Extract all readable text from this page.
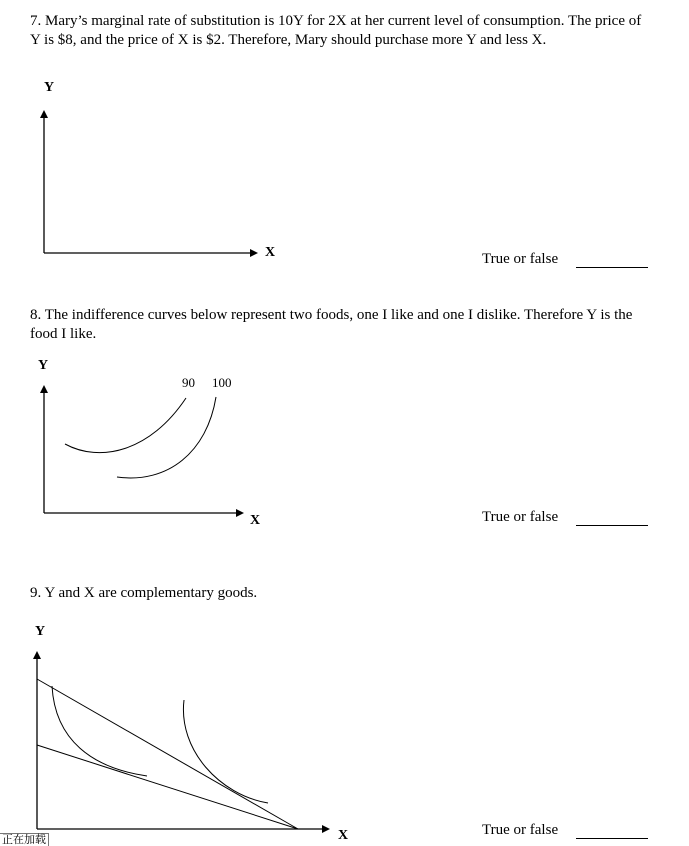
7. Mary’s marginal rate of substitution is 10Y for 2X at her current level of consumption. The price of Y is $8, and the price of X is $2. Therefore, Mary should purchase more Y and less X.
Y
X	True or false
8. The indifference curves below represent two foods, one I like and one I dislike. Therefore Y is the food I like.
Y
X
90 100
True or false
9. Y and X are complementary goods.
Y
X	True or false
正在加载
